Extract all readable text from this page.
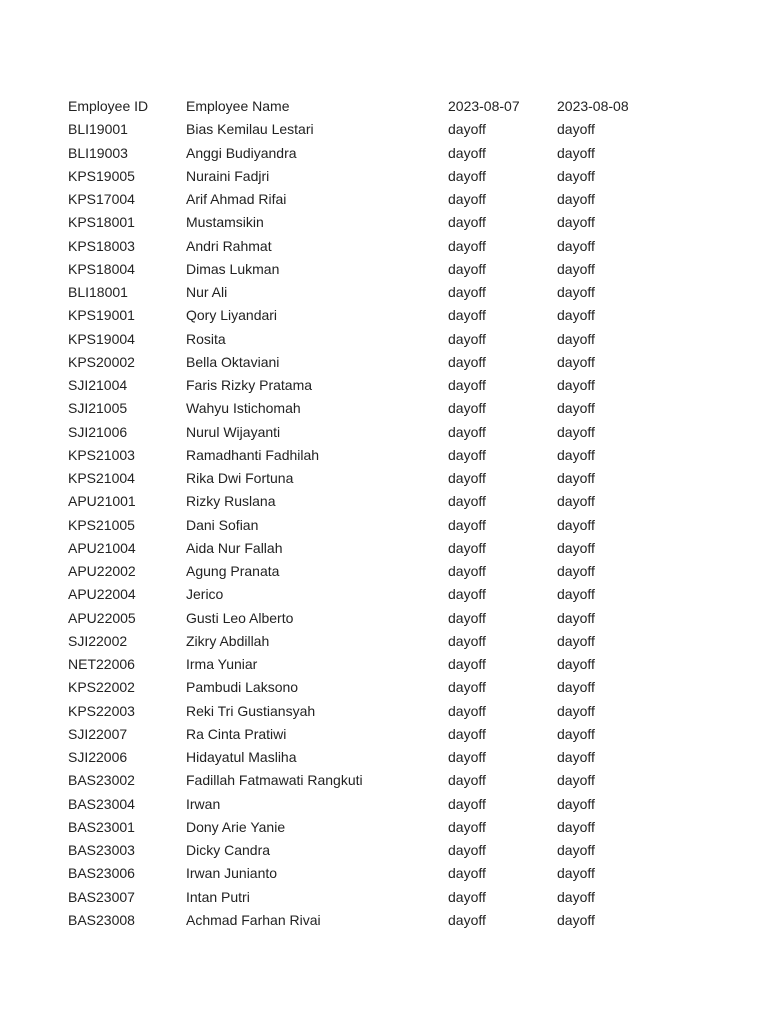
Employee ID	Employee Name	2023-08-07	2023-08-08
BLI19001	Bias Kemilau Lestari	dayoff	dayoff
BLI19003	Anggi Budiyandra	dayoff	dayoff
KPS19005	Nuraini Fadjri	dayoff	dayoff
KPS17004	Arif Ahmad Rifai	dayoff	dayoff
KPS18001	Mustamsikin	dayoff	dayoff
KPS18003	Andri Rahmat	dayoff	dayoff
KPS18004	Dimas Lukman	dayoff	dayoff
BLI18001	Nur Ali	dayoff	dayoff
KPS19001	Qory Liyandari	dayoff	dayoff
KPS19004	Rosita	dayoff	dayoff
KPS20002	Bella Oktaviani	dayoff	dayoff
SJI21004	Faris Rizky Pratama	dayoff	dayoff
SJI21005	Wahyu Istichomah	dayoff	dayoff
SJI21006	Nurul Wijayanti	dayoff	dayoff
KPS21003	Ramadhanti Fadhilah	dayoff	dayoff
KPS21004	Rika Dwi Fortuna	dayoff	dayoff
APU21001	Rizky Ruslana	dayoff	dayoff
KPS21005	Dani Sofian	dayoff	dayoff
APU21004	Aida Nur Fallah	dayoff	dayoff
APU22002	Agung Pranata	dayoff	dayoff
APU22004	Jerico	dayoff	dayoff
APU22005	Gusti Leo Alberto	dayoff	dayoff
SJI22002	Zikry Abdillah	dayoff	dayoff
NET22006	Irma Yuniar	dayoff	dayoff
KPS22002	Pambudi Laksono	dayoff	dayoff
KPS22003	Reki Tri Gustiansyah	dayoff	dayoff
SJI22007	Ra Cinta Pratiwi	dayoff	dayoff
SJI22006	Hidayatul Masliha	dayoff	dayoff
BAS23002	Fadillah Fatmawati Rangkuti	dayoff	dayoff
BAS23004	Irwan	dayoff	dayoff
BAS23001	Dony Arie Yanie	dayoff	dayoff
BAS23003	Dicky Candra	dayoff	dayoff
BAS23006	Irwan Junianto	dayoff	dayoff
BAS23007	Intan Putri	dayoff	dayoff
BAS23008	Achmad Farhan Rivai	dayoff	dayoff
